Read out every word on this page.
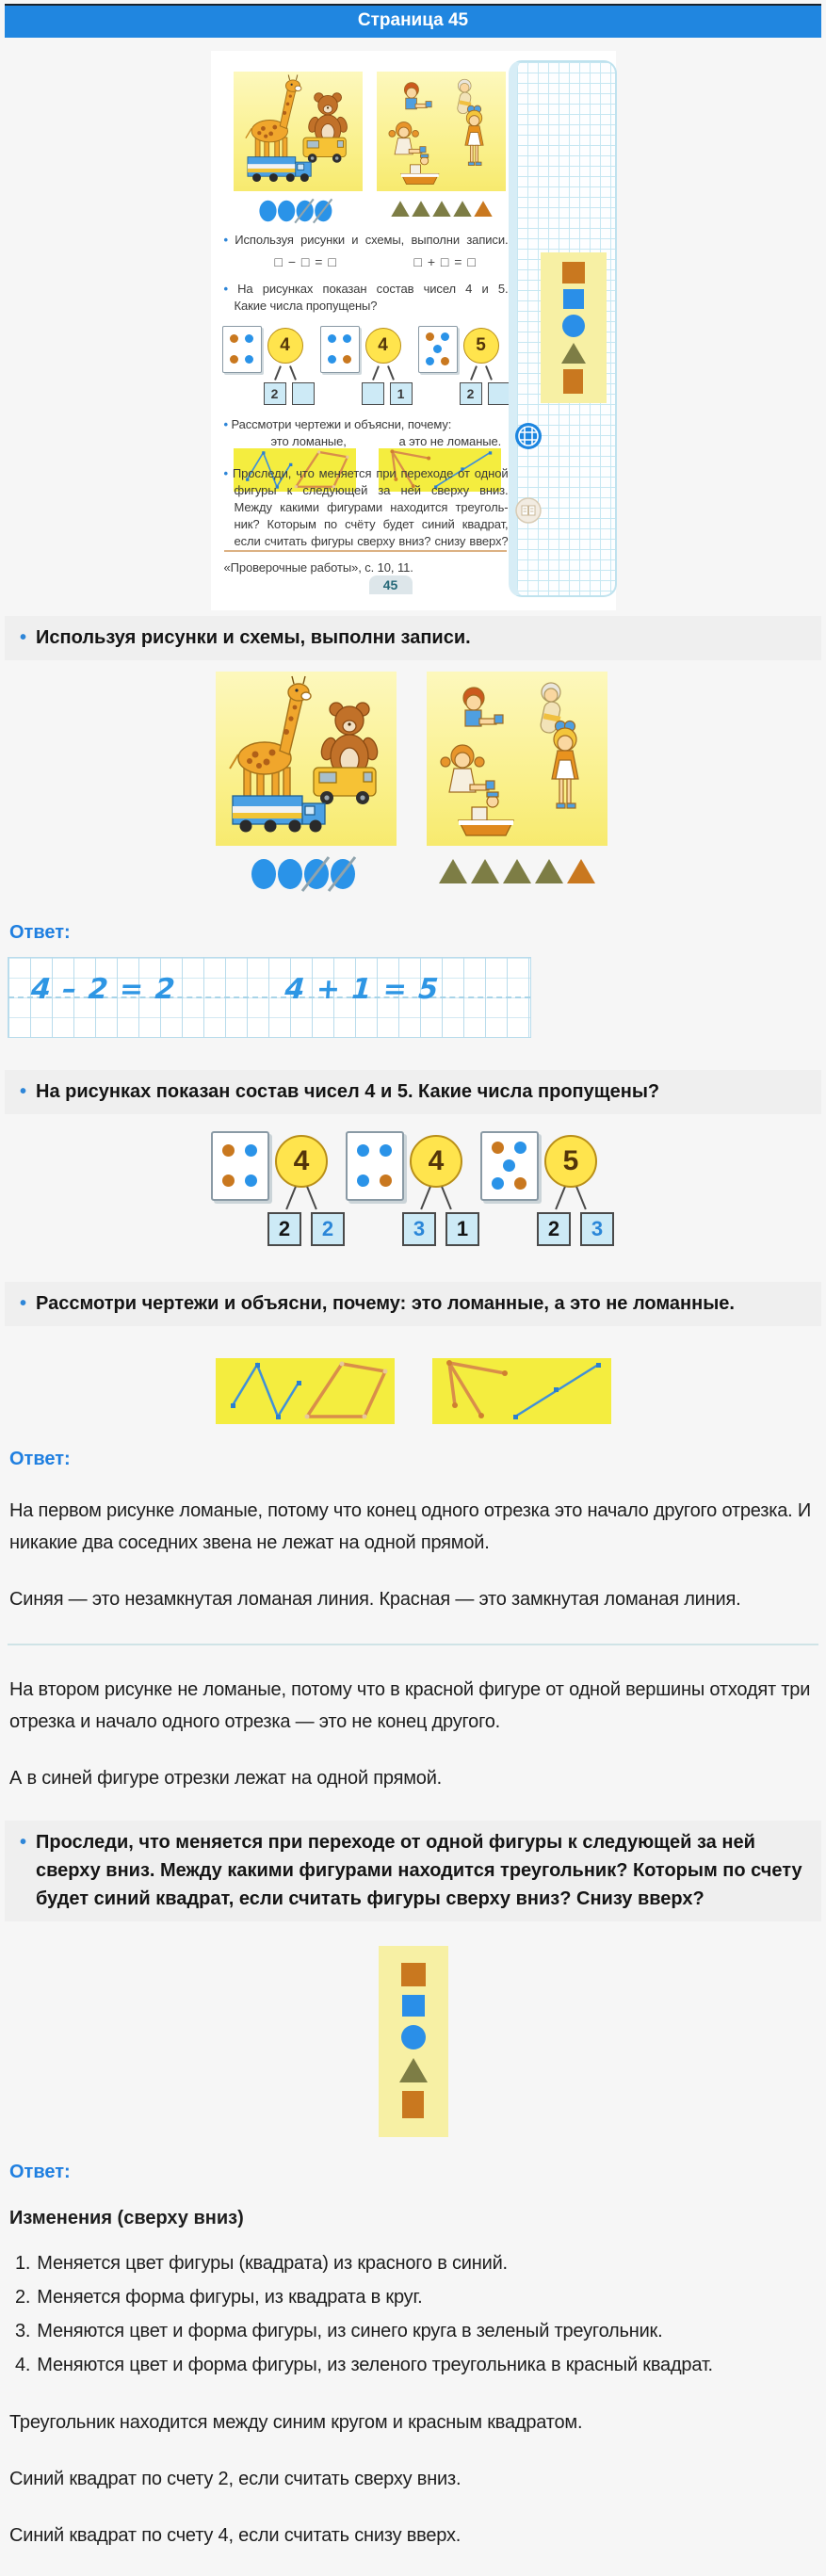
Страница 45
• Используя рисунки и схемы, выполни записи.
□ − □ = □	□ + □ = □
• На рисунках показан состав чисел 4 и 5.
Какие числа пропущены?
4
2
4
1
5
2
• Рассмотри чертежи и объясни, почему:
это ломаные,	а это не ломаные.
• Проследи, что меняется при переходе от одной
фигуры к следующей за ней сверху вниз.
Между какими фигурами находится треуголь-
ник? Которым по счёту будет синий квадрат,
если считать фигуры сверху вниз? снизу вверх?
«Проверочные работы», с. 10, 11.
45
• Используя рисунки и схемы, выполни записи.
Ответ:
4 – 2 = 2	4 + 1 = 5
• На рисунках показан состав чисел 4 и 5. Какие числа пропущены?
4
2	2
4
3	1
5
2	3
• Рассмотри чертежи и объясни, почему: это ломанные, а это не ломанные.
Ответ:
На первом рисунке ломаные, потому что конец одного отрезка это начало другого отрезка. И никакие два соседних звена не лежат на одной прямой.
Синяя — это незамкнутая ломаная линия. Красная — это замкнутая ломаная линия.
На втором рисунке не ломаные, потому что в красной фигуре от одной вершины отходят три отрезка и начало одного отрезка — это не конец другого.
А в синей фигуре отрезки лежат на одной прямой.
• Проследи, что меняется при переходе от одной фигуры к следующей за ней сверху вниз. Между какими фигурами находится треугольник? Которым по счету будет синий квадрат, если считать фигуры сверху вниз? Снизу вверх?
Ответ:
Изменения (сверху вниз)
1. Меняется цвет фигуры (квадрата) из красного в синий.
2. Меняется форма фигуры, из квадрата в круг.
3. Меняются цвет и форма фигуры, из синего круга в зеленый треугольник.
4. Меняются цвет и форма фигуры, из зеленого треугольника в красный квадрат.
Треугольник находится между синим кругом и красным квадратом.
Синий квадрат по счету 2, если считать сверху вниз.
Синий квадрат по счету 4, если считать снизу вверх.
